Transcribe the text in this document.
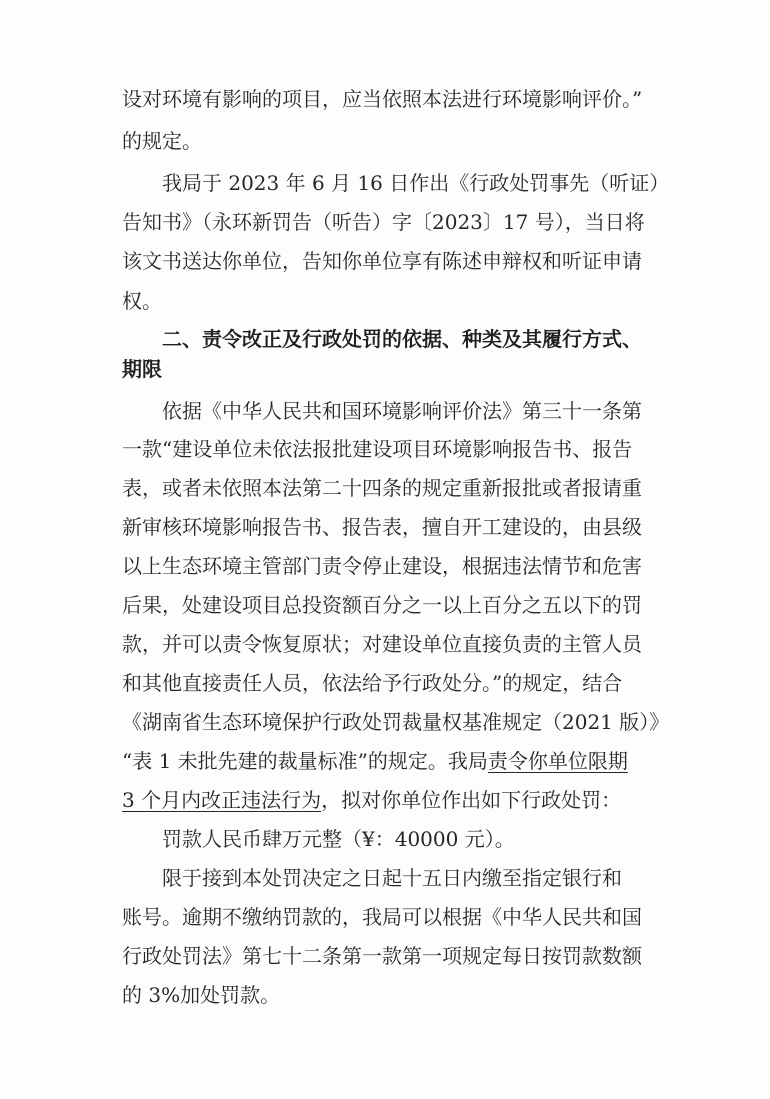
设对环境有影响的项目，应当依照本法进行环境影响评价。”
的规定。
我局于 2023 年 6 月 16 日作出《行政处罚事先（听证）
告知书》（永环新罚告（听告）字〔2023〕17 号），当日将
该文书送达你单位，告知你单位享有陈述申辩权和听证申请
权。
二、责令改正及行政处罚的依据、种类及其履行方式、
期限
依据《中华人民共和国环境影响评价法》第三十一条第
一款“建设单位未依法报批建设项目环境影响报告书、报告
表，或者未依照本法第二十四条的规定重新报批或者报请重
新审核环境影响报告书、报告表，擅自开工建设的，由县级
以上生态环境主管部门责令停止建设，根据违法情节和危害
后果，处建设项目总投资额百分之一以上百分之五以下的罚
款，并可以责令恢复原状；对建设单位直接负责的主管人员
和其他直接责任人员，依法给予行政处分。”的规定，结合
《湖南省生态环境保护行政处罚裁量权基准规定（2021 版）》
“表 1 未批先建的裁量标准”的规定。我局责令你单位限期
3 个月内改正违法行为，拟对你单位作出如下行政处罚：
罚款人民币肆万元整（¥：40000 元）。
限于接到本处罚决定之日起十五日内缴至指定银行和
账号。逾期不缴纳罚款的，我局可以根据《中华人民共和国
行政处罚法》第七十二条第一款第一项规定每日按罚款数额
的 3%加处罚款。
